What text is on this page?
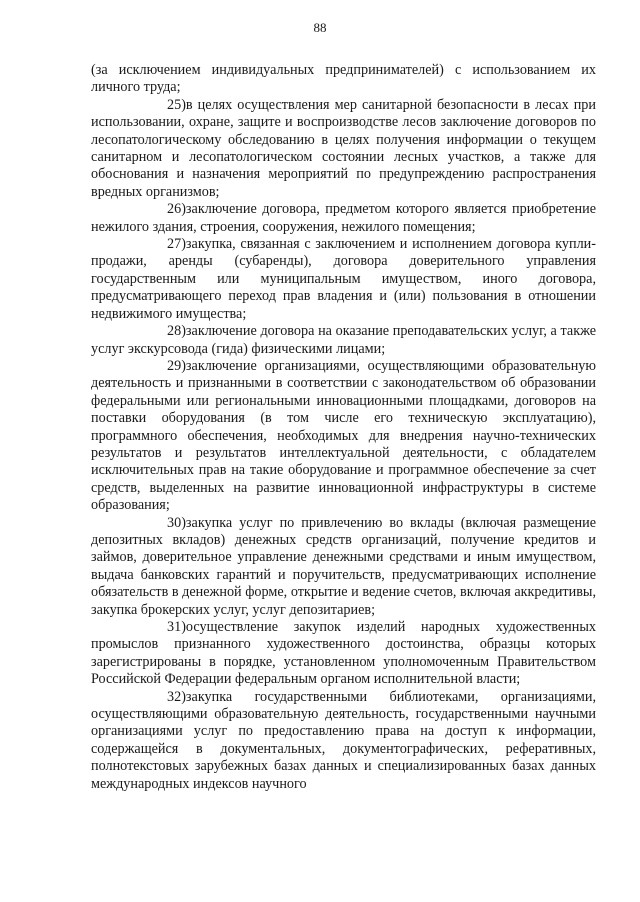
88

(за исключением индивидуальных предпринимателей) с использованием их личного труда;

25)в целях осуществления мер санитарной безопасности в лесах при использовании, охране, защите и воспроизводстве лесов заключение договоров по лесопатологическому обследованию в целях получения информации о текущем санитарном и лесопатологическом состоянии лесных участков, а также для обоснования и назначения мероприятий по предупреждению распространения вредных организмов;

26)заключение договора, предметом которого является приобретение нежилого здания, строения, сооружения, нежилого помещения;

27)закупка, связанная с заключением и исполнением договора купли-продажи, аренды (субаренды), договора доверительного управления государственным или муниципальным имуществом, иного договора, предусматривающего переход прав владения и (или) пользования в отношении недвижимого имущества;

28)заключение договора на оказание преподавательских услуг, а также услуг экскурсовода (гида) физическими лицами;

29)заключение организациями, осуществляющими образовательную деятельность и признанными в соответствии с законодательством об образовании федеральными или региональными инновационными площадками, договоров на поставки оборудования (в том числе его техническую эксплуатацию), программного обеспечения, необходимых для внедрения научно-технических результатов и результатов интеллектуальной деятельности, с обладателем исключительных прав на такие оборудование и программное обеспечение за счет средств, выделенных на развитие инновационной инфраструктуры в системе образования;

30)закупка услуг по привлечению во вклады (включая размещение депозитных вкладов) денежных средств организаций, получение кредитов и займов, доверительное управление денежными средствами и иным имуществом, выдача банковских гарантий и поручительств, предусматривающих исполнение обязательств в денежной форме, открытие и ведение счетов, включая аккредитивы, закупка брокерских услуг, услуг депозитариев;

31)осуществление закупок изделий народных художественных промыслов признанного художественного достоинства, образцы которых зарегистрированы в порядке, установленном уполномоченным Правительством Российской Федерации федеральным органом исполнительной власти;

32)закупка государственными библиотеками, организациями, осуществляющими образовательную деятельность, государственными научными организациями услуг по предоставлению права на доступ к информации, содержащейся в документальных, документографических, реферативных, полнотекстовых зарубежных базах данных и специализированных базах данных международных индексов научного
